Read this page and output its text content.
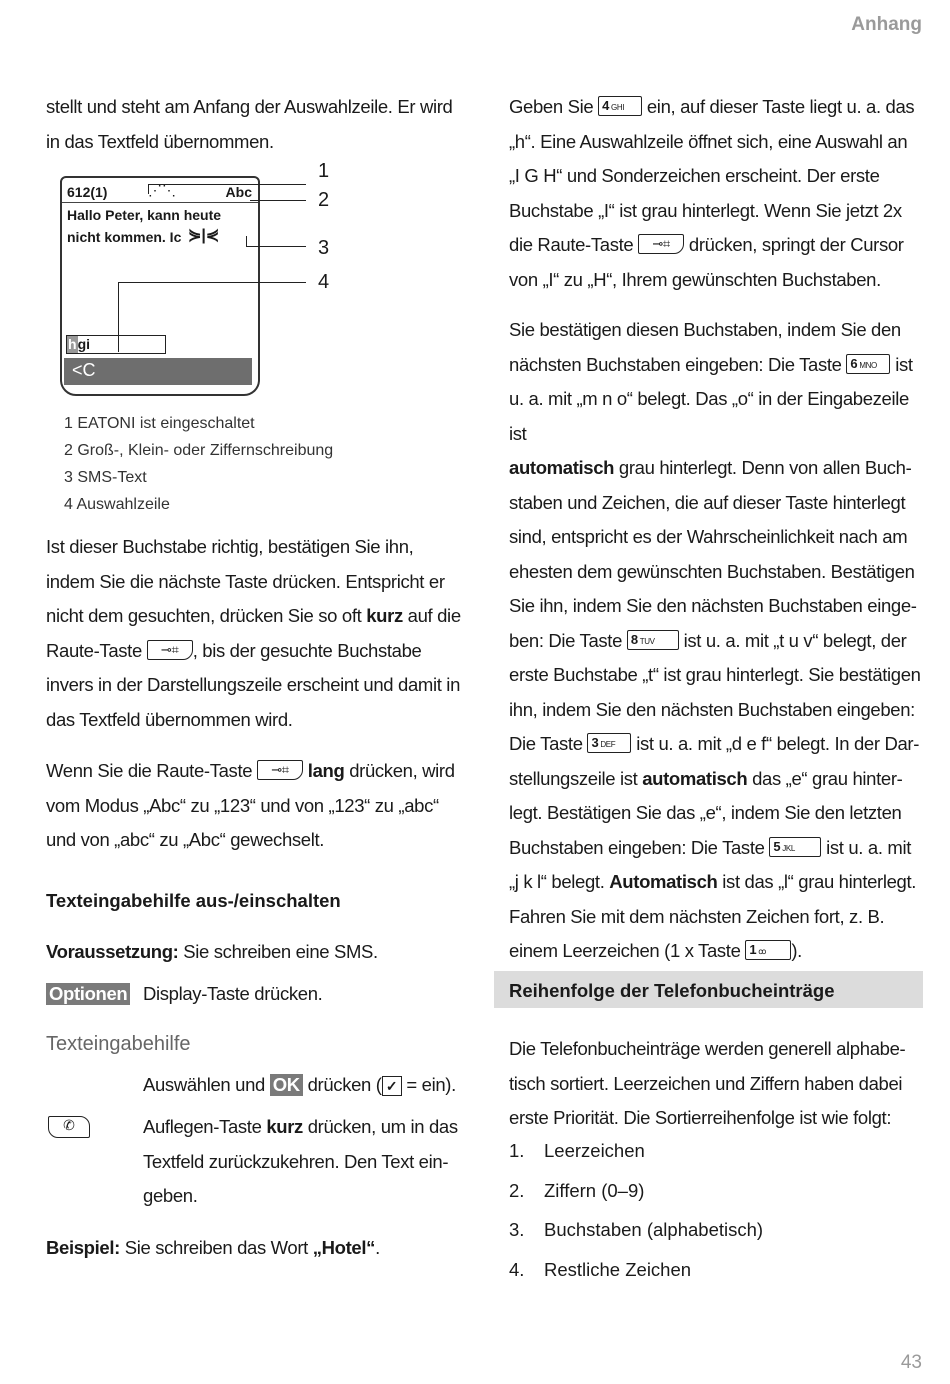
Anhang
43
stellt und steht am Anfang der Auswahlzeile. Er wird
in das Textfeld übernommen.
612(1)	⋰⋱	Abc
Hallo Peter, kann heute
nicht kommen. Ic ⋟|⋞
hgi
<C
1
2
3
4
1 EATONI ist eingeschaltet
2 Groß-, Klein- oder Ziffernschreibung
3 SMS-Text
4 Auswahlzeile
Ist dieser Buchstabe richtig, bestätigen Sie ihn,
indem Sie die nächste Taste drücken. Entspricht er
nicht dem gesuchten, drücken Sie so oft kurz auf die
Raute-Taste ⊸⌗ , bis der gesuchte Buchstabe
invers in der Darstellungszeile erscheint und damit in
das Textfeld übernommen wird.
Wenn Sie die Raute-Taste ⊸⌗ lang drücken, wird
vom Modus „Abc“ zu „123“ und von „123“ zu „abc“
und von „abc“ zu „Abc“ gewechselt.
Texteingabehilfe aus-/einschalten
Voraussetzung: Sie schreiben eine SMS.
Optionen Display-Taste drücken.
Texteingabehilfe
Auswählen und OK drücken ( ✓ = ein).
✆	Auflegen-Taste kurz drücken, um in das
Textfeld zurückzukehren. Den Text ein-
geben.
Beispiel: Sie schreiben das Wort „Hotel“.
Geben Sie 4 GHI ein, auf dieser Taste liegt u. a. das
„h“. Eine Auswahlzeile öffnet sich, eine Auswahl an
„I G H“ und Sonderzeichen erscheint. Der erste
Buchstabe „I“ ist grau hinterlegt. Wenn Sie jetzt 2x
die Raute-Taste ⊸⌗ drücken, springt der Cursor
von „I“ zu „H“, Ihrem gewünschten Buchstaben.
Sie bestätigen diesen Buchstaben, indem Sie den
nächsten Buchstaben eingeben: Die Taste 6 MNO ist
u. a. mit „m n o“ belegt. Das „o“ in der Eingabezeile ist
automatisch grau hinterlegt. Denn von allen Buch-
staben und Zeichen, die auf dieser Taste hinterlegt
sind, entspricht es der Wahrscheinlichkeit nach am
ehesten dem gewünschten Buchstaben. Bestätigen
Sie ihn, indem Sie den nächsten Buchstaben einge-
ben: Die Taste 8 TUV ist u. a. mit „t u v“ belegt, der
erste Buchstabe „t“ ist grau hinterlegt. Sie bestätigen
ihn, indem Sie den nächsten Buchstaben eingeben:
Die Taste 3 DEF ist u. a. mit „d e f“ belegt. In der Dar-
stellungszeile ist automatisch das „e“ grau hinter-
legt. Bestätigen Sie das „e“, indem Sie den letzten
Buchstaben eingeben: Die Taste 5 JKL ist u. a. mit
„j k l“ belegt. Automatisch ist das „l“ grau hinterlegt.
Fahren Sie mit dem nächsten Zeichen fort, z. B.
einem Leerzeichen (1 x Taste 1 ꝏ ).
Reihenfolge der Telefonbucheinträge
Die Telefonbucheinträge werden generell alphabe-
tisch sortiert. Leerzeichen und Ziffern haben dabei
erste Priorität. Die Sortierreihenfolge ist wie folgt:
1. Leerzeichen
2. Ziffern (0–9)
3. Buchstaben (alphabetisch)
4. Restliche Zeichen
